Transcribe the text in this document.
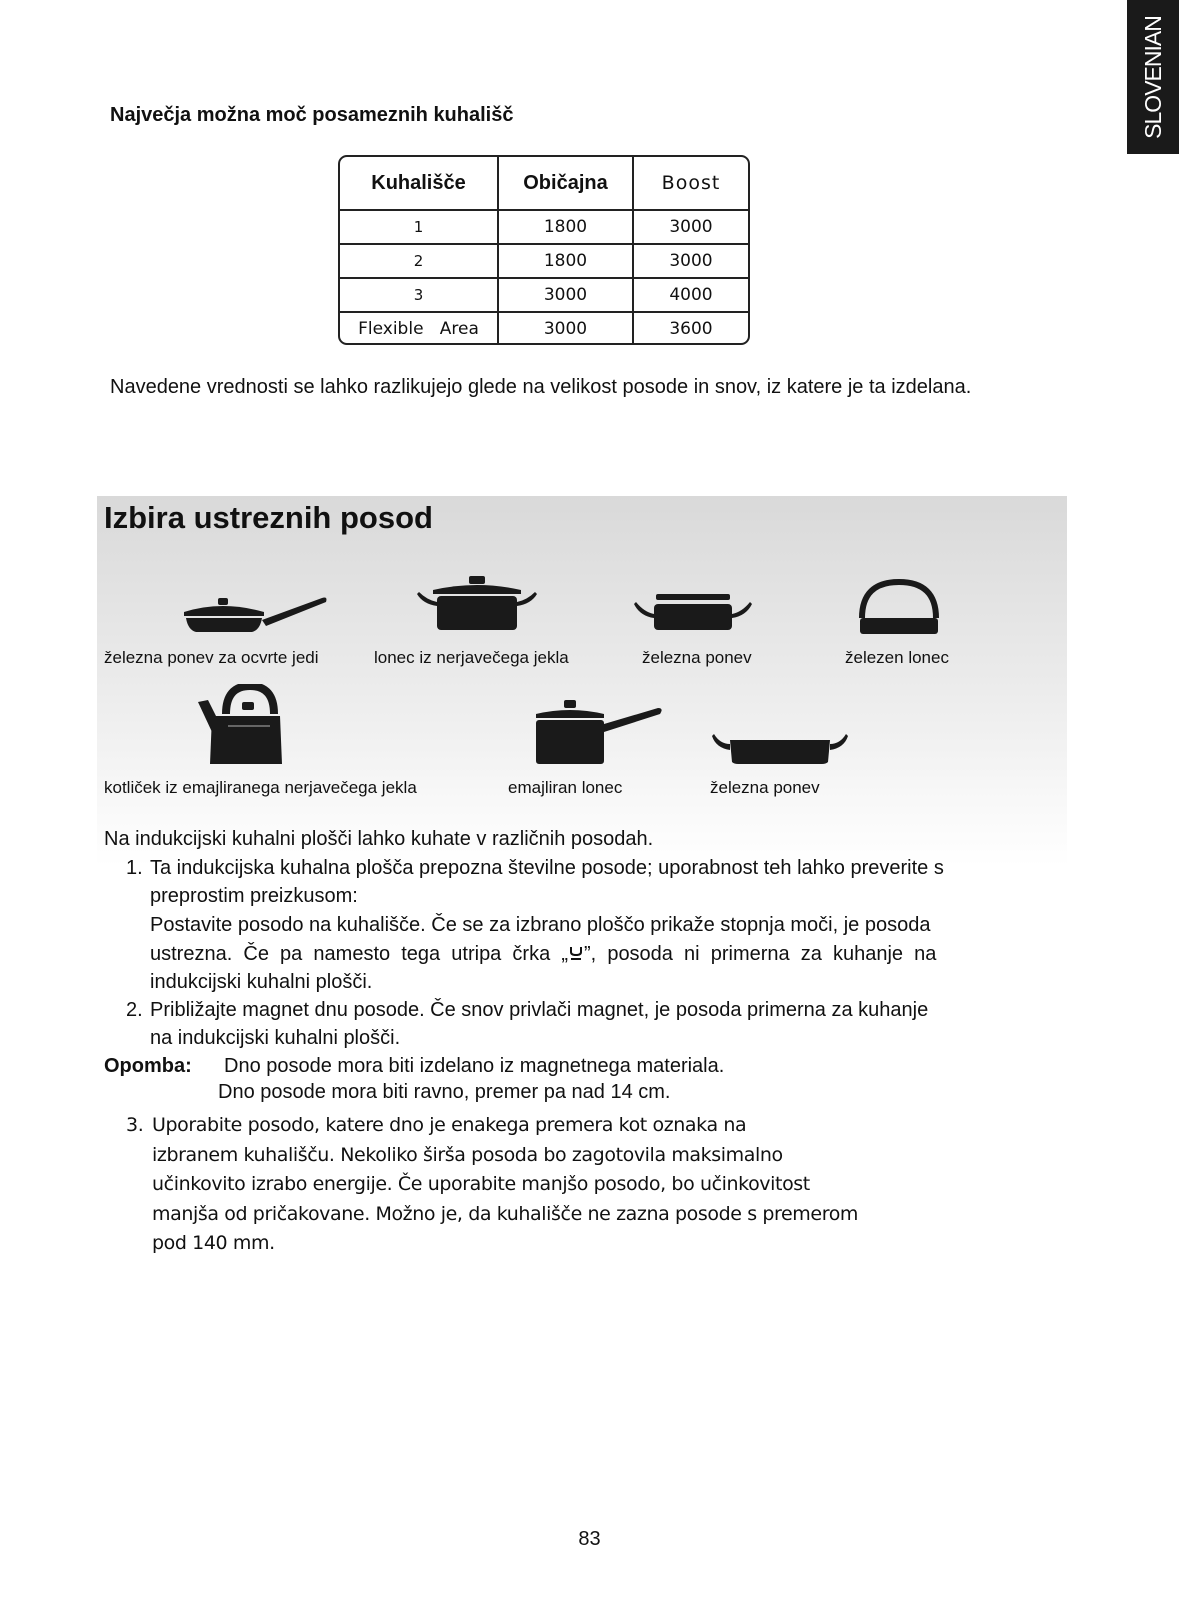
SLOVENIAN
Največja možna moč posameznih kuhališč
Kuhališče	Običajna	Boost
1	1800	3000
2	1800	3000
3	3000	4000
Flexible   Area	3000	3600
Navedene vrednosti se lahko razlikujejo glede na velikost posode in snov, iz katere je ta izdelana.
Izbira ustreznih posod
železna ponev za ocvrte jedi	lonec iz nerjavečega jekla	železna ponev	železen lonec
kotliček iz emajliranega nerjavečega jekla	emajliran lonec	železna ponev
Na indukcijski kuhalni plošči lahko kuhate v različnih posodah.
1. Ta indukcijska kuhalna plošča prepozna številne posode; uporabnost teh lahko preverite s
preprostim preizkusom:
Postavite posodo na kuhališče. Če se za izbrano ploščo prikaže stopnja moči, je posoda
ustrezna.  Če  pa  namesto  tega  utripa  črka  „ ”,  posoda  ni  primerna  za  kuhanje  na
indukcijski kuhalni plošči.
2. Približajte magnet dnu posode. Če snov privlači magnet, je posoda primerna za kuhanje
na indukcijski kuhalni plošči.
Opomba: Dno posode mora biti izdelano iz magnetnega materiala.
Dno posode mora biti ravno, premer pa nad 14 cm.
3. Uporabite posodo, katere dno je enakega premera kot oznaka na
izbranem kuhališču. Nekoliko širša posoda bo zagotovila maksimalno
učinkovito izrabo energije. Če uporabite manjšo posodo, bo učinkovitost
manjša od pričakovane. Možno je, da kuhališče ne zazna posode s premerom
pod 140 mm.
83
